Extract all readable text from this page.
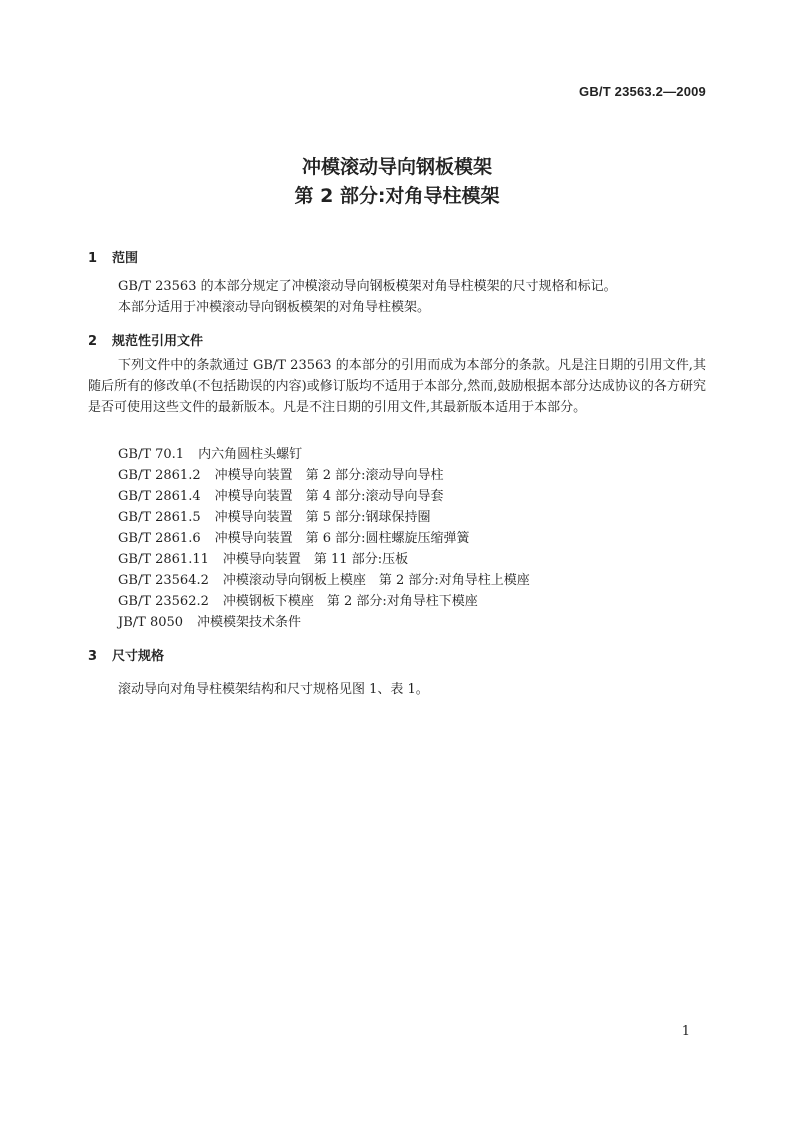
GB/T 23563.2—2009
冲模滚动导向钢板模架
第 2 部分:对角导柱模架
1 范围
GB/T 23563 的本部分规定了冲模滚动导向钢板模架对角导柱模架的尺寸规格和标记。
本部分适用于冲模滚动导向钢板模架的对角导柱模架。
2 规范性引用文件
下列文件中的条款通过 GB/T 23563 的本部分的引用而成为本部分的条款。凡是注日期的引用文件,其随后所有的修改单(不包括勘误的内容)或修订版均不适用于本部分,然而,鼓励根据本部分达成协议的各方研究是否可使用这些文件的最新版本。凡是不注日期的引用文件,其最新版本适用于本部分。
GB/T 70.1 内六角圆柱头螺钉
GB/T 2861.2 冲模导向装置　第 2 部分:滚动导向导柱
GB/T 2861.4 冲模导向装置　第 4 部分:滚动导向导套
GB/T 2861.5 冲模导向装置　第 5 部分:钢球保持圈
GB/T 2861.6 冲模导向装置　第 6 部分:圆柱螺旋压缩弹簧
GB/T 2861.11 冲模导向装置　第 11 部分:压板
GB/T 23564.2 冲模滚动导向钢板上模座　第 2 部分:对角导柱上模座
GB/T 23562.2 冲模钢板下模座　第 2 部分:对角导柱下模座
JB/T 8050 冲模模架技术条件
3 尺寸规格
滚动导向对角导柱模架结构和尺寸规格见图 1、表 1。
1
